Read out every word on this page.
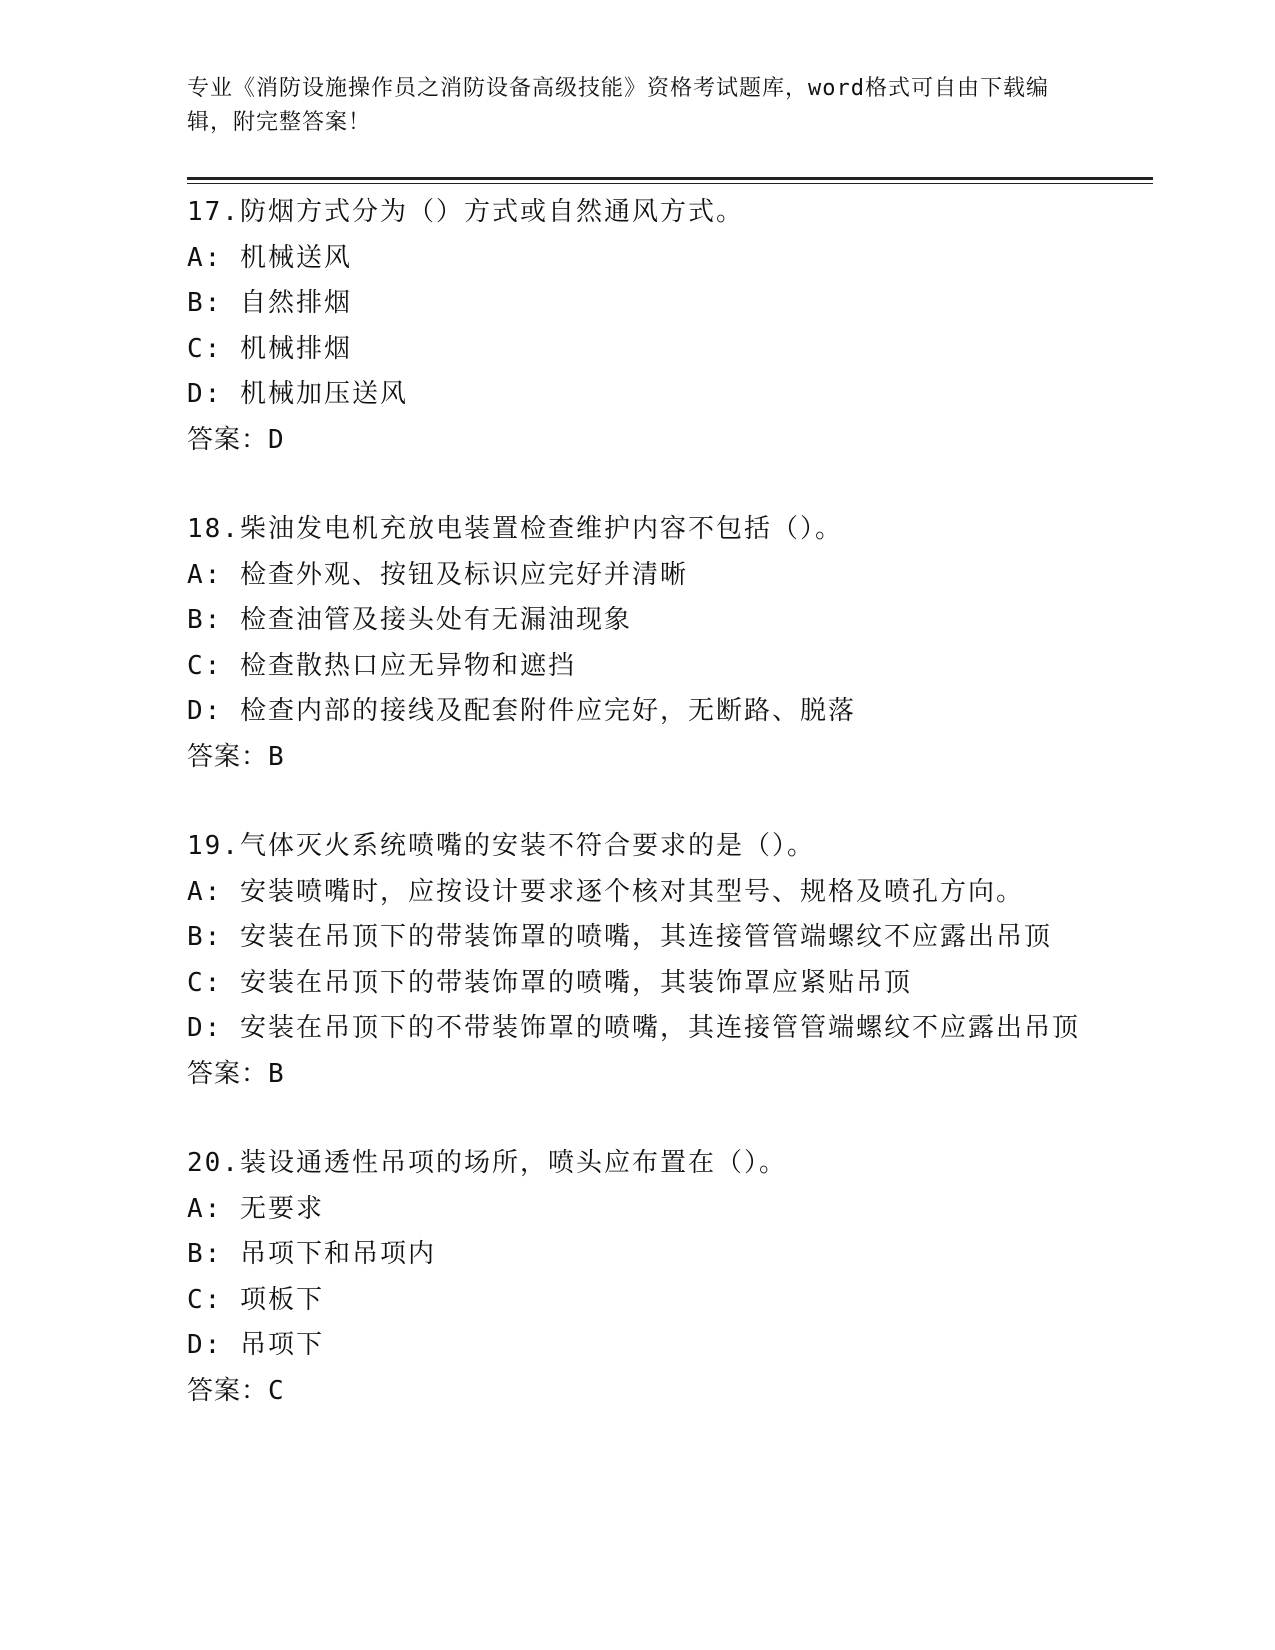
专业《消防设施操作员之消防设备高级技能》资格考试题库，word格式可自由下载编辑，附完整答案！
17.防烟方式分为（）方式或自然通风方式。
A: 机械送风
B: 自然排烟
C: 机械排烟
D: 机械加压送风
答案：D
18.柴油发电机充放电装置检查维护内容不包括（）。
A: 检查外观、按钮及标识应完好并清晰
B: 检查油管及接头处有无漏油现象
C: 检查散热口应无异物和遮挡
D: 检查内部的接线及配套附件应完好，无断路、脱落
答案：B
19.气体灭火系统喷嘴的安装不符合要求的是（）。
A: 安装喷嘴时，应按设计要求逐个核对其型号、规格及喷孔方向。
B: 安装在吊顶下的带装饰罩的喷嘴，其连接管管端螺纹不应露出吊顶
C: 安装在吊顶下的带装饰罩的喷嘴，其装饰罩应紧贴吊顶
D: 安装在吊顶下的不带装饰罩的喷嘴，其连接管管端螺纹不应露出吊顶
答案：B
20.装设通透性吊项的场所，喷头应布置在（）。
A: 无要求
B: 吊项下和吊项内
C: 项板下
D: 吊项下
答案：C
